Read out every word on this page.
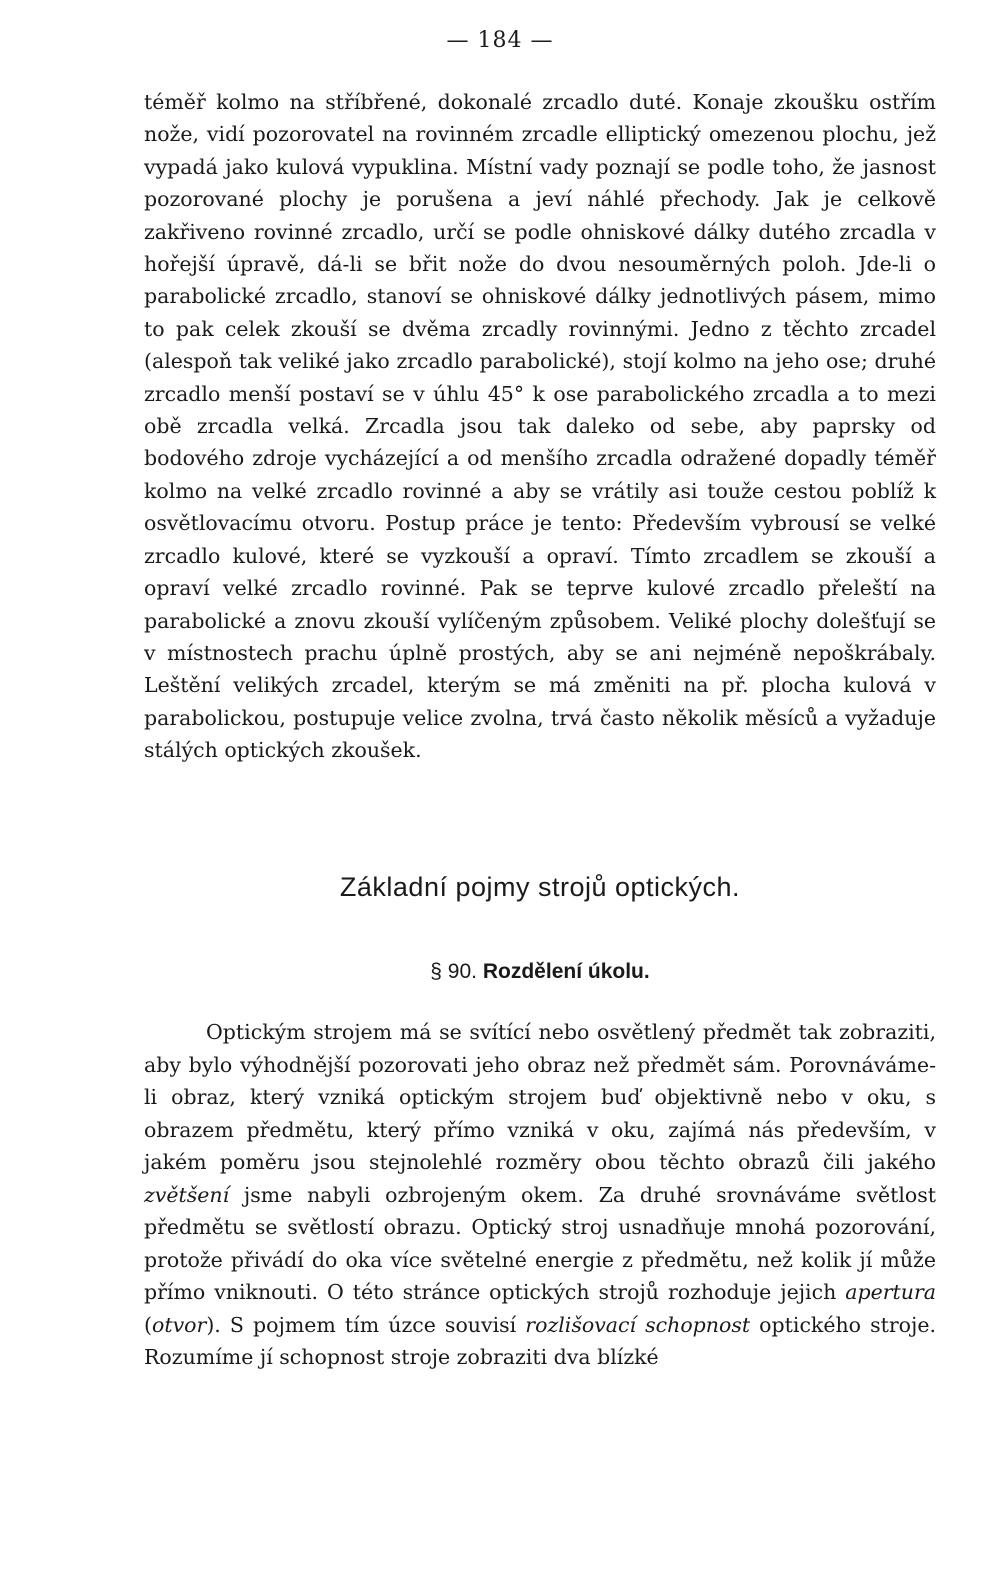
— 184 —

téměř kolmo na stříbřené, dokonalé zrcadlo duté. Konaje zkoušku ostřím nože, vidí pozorovatel na rovinném zrcadle elliptický omezenou plochu, jež vypadá jako kulová vypuklina. Místní vady poznají se podle toho, že jasnost pozorované plochy je porušena a jeví náhlé přechody. Jak je celkově zakřiveno rovinné zrcadlo, určí se podle ohniskové dálky dutého zrcadla v hořejší úpravě, dá-li se břit nože do dvou nesouměrných poloh. Jde-li o parabolické zrcadlo, stanoví se ohniskové dálky jednotlivých pásem, mimo to pak celek zkouší se dvěma zrcadly rovinnými. Jedno z těchto zrcadel (alespoň tak veliké jako zrcadlo parabolické), stojí kolmo na jeho ose; druhé zrcadlo menší postaví se v úhlu 45° k ose parabolického zrcadla a to mezi obě zrcadla velká. Zrcadla jsou tak daleko od sebe, aby paprsky od bodového zdroje vycházející a od menšího zrcadla odražené dopadly téměř kolmo na velké zrcadlo rovinné a aby se vrátily asi touže cestou poblíž k osvětlovacímu otvoru. Postup práce je tento: Především vybrousí se velké zrcadlo kulové, které se vyzkouší a opraví. Tímto zrcadlem se zkouší a opraví velké zrcadlo rovinné. Pak se teprve kulové zrcadlo přeleští na parabolické a znovu zkouší vylíčeným způsobem. Veliké plochy dolešťují se v místnostech prachu úplně prostých, aby se ani nejméně nepoškrábaly. Leštění velikých zrcadel, kterým se má změniti na př. plocha kulová v parabolickou, postupuje velice zvolna, trvá často několik měsíců a vyžaduje stálých optických zkoušek.

Základní pojmy strojů optických.
§ 90. Rozdělení úkolu.

Optickým strojem má se svítící nebo osvětlený předmět tak zobraziti, aby bylo výhodnější pozorovati jeho obraz než předmět sám. Porovnáváme-li obraz, který vzniká optickým strojem buď objektivně nebo v oku, s obrazem předmětu, který přímo vzniká v oku, zajímá nás především, v jakém poměru jsou stejnolehlé rozměry obou těchto obrazů čili jakého zvětšení jsme nabyli ozbrojeným okem. Za druhé srovnáváme světlost předmětu se světlostí obrazu. Optický stroj usnadňuje mnohá pozorování, protože přivádí do oka více světelné energie z předmětu, než kolik jí může přímo vniknouti. O této stránce optických strojů rozhoduje jejich apertura (otvor). S pojmem tím úzce souvisí rozlišovací schopnost optického stroje. Rozumíme jí schopnost stroje zobraziti dva blízké
